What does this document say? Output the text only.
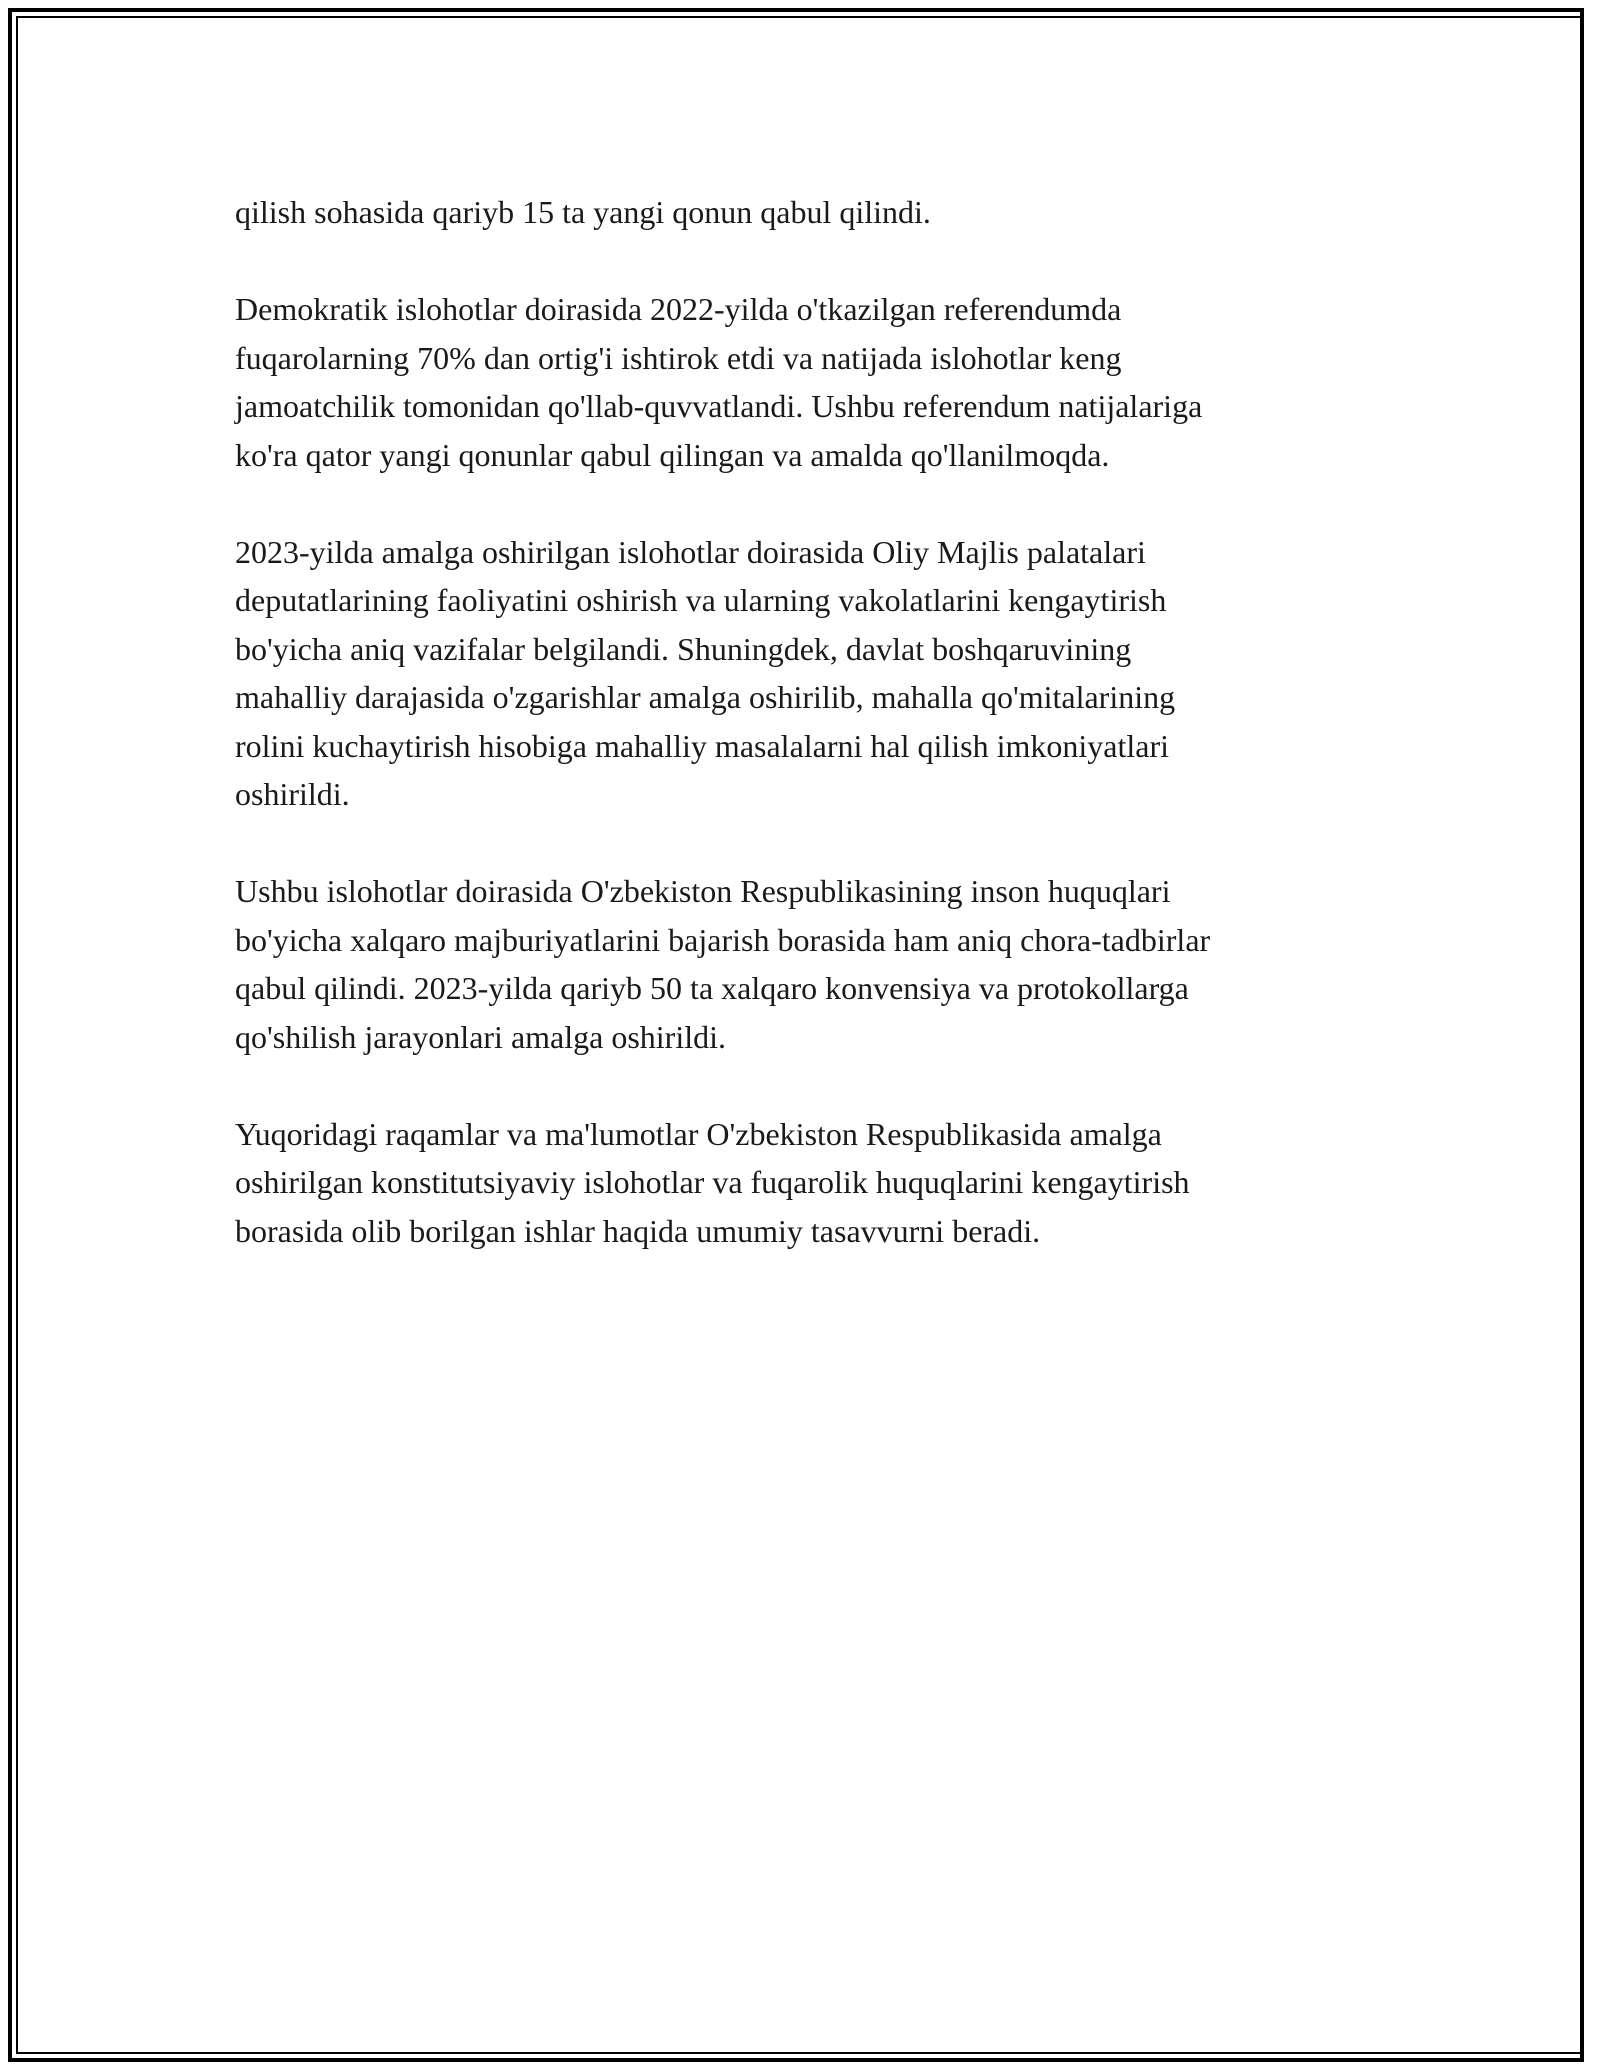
qilish sohasida qariyb 15 ta yangi qonun qabul qilindi.

Demokratik islohotlar doirasida 2022-yilda o'tkazilgan referendumda
fuqarolarning 70% dan ortig'i ishtirok etdi va natijada islohotlar keng
jamoatchilik tomonidan qo'llab-quvvatlandi. Ushbu referendum natijalariga
ko'ra qator yangi qonunlar qabul qilingan va amalda qo'llanilmoqda.

2023-yilda amalga oshirilgan islohotlar doirasida Oliy Majlis palatalari
deputatlarining faoliyatini oshirish va ularning vakolatlarini kengaytirish
bo'yicha aniq vazifalar belgilandi. Shuningdek, davlat boshqaruvining
mahalliy darajasida o'zgarishlar amalga oshirilib, mahalla qo'mitalarining
rolini kuchaytirish hisobiga mahalliy masalalarni hal qilish imkoniyatlari
oshirildi.

Ushbu islohotlar doirasida O'zbekiston Respublikasining inson huquqlari
bo'yicha xalqaro majburiyatlarini bajarish borasida ham aniq chora-tadbirlar
qabul qilindi. 2023-yilda qariyb 50 ta xalqaro konvensiya va protokollarga
qo'shilish jarayonlari amalga oshirildi.

Yuqoridagi raqamlar va ma'lumotlar O'zbekiston Respublikasida amalga
oshirilgan konstitutsiyaviy islohotlar va fuqarolik huquqlarini kengaytirish
borasida olib borilgan ishlar haqida umumiy tasavvurni beradi.
